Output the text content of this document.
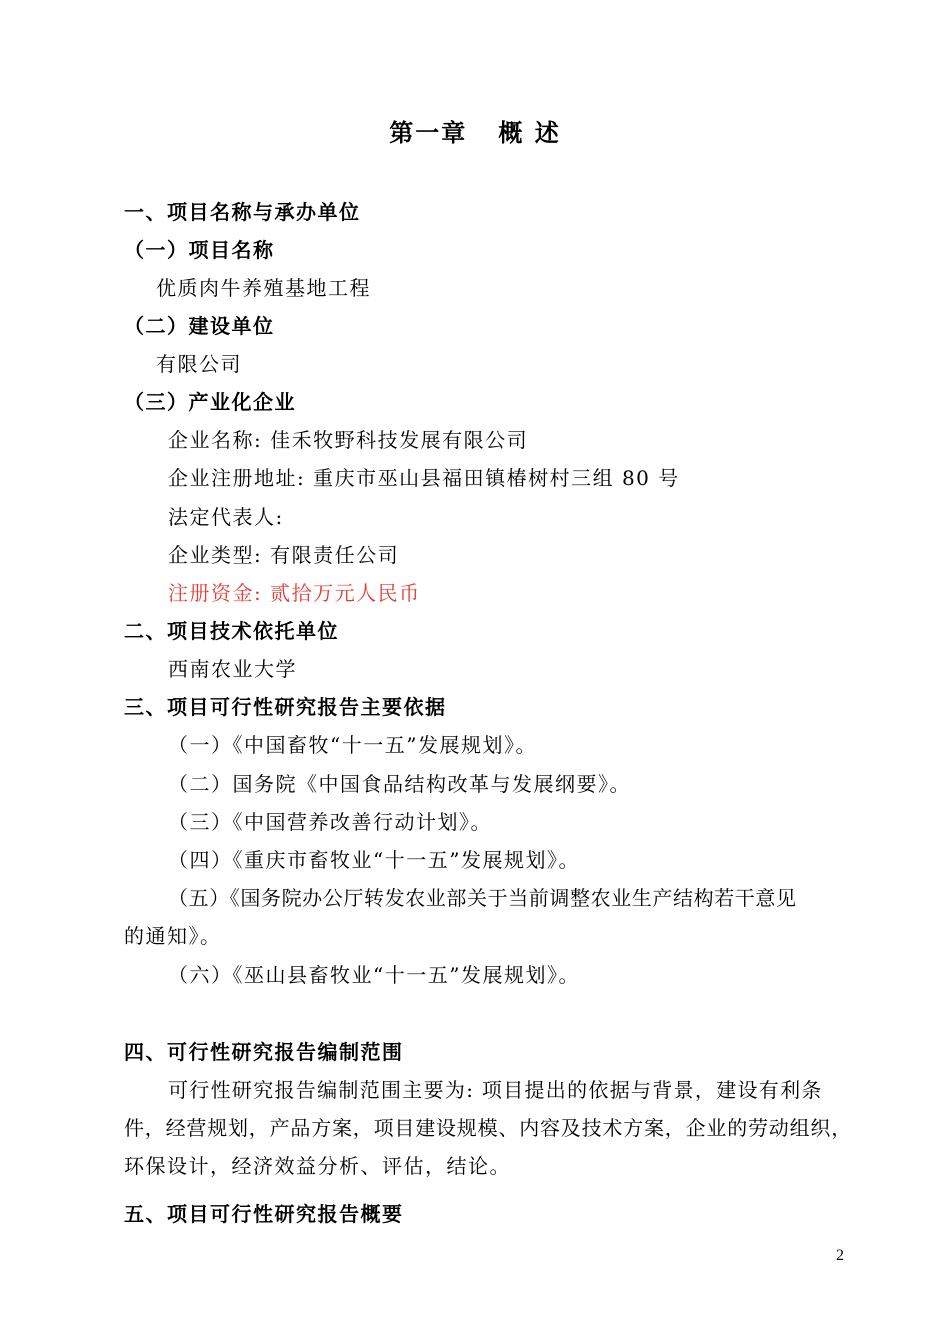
第一章   概 述
一、项目名称与承办单位
（一）项目名称
优质肉牛养殖基地工程
（二）建设单位
有限公司
（三）产业化企业
企业名称: 佳禾牧野科技发展有限公司
企业注册地址: 重庆市巫山县福田镇椿树村三组 80 号
法定代表人:
企业类型: 有限责任公司
注册资金: 贰拾万元人民币
二、项目技术依托单位
西南农业大学
三、项目可行性研究报告主要依据
（一）《中国畜牧“十一五”发展规划》。
（二）国务院《中国食品结构改革与发展纲要》。
（三）《中国营养改善行动计划》。
（四）《重庆市畜牧业“十一五”发展规划》。
（五）《国务院办公厅转发农业部关于当前调整农业生产结构若干意见
的通知》。
（六）《巫山县畜牧业“十一五”发展规划》。
四、可行性研究报告编制范围
可行性研究报告编制范围主要为: 项目提出的依据与背景，建设有利条
件，经营规划，产品方案，项目建设规模、内容及技术方案，企业的劳动组织，
环保设计，经济效益分析、评估，结论。
五、项目可行性研究报告概要
2
